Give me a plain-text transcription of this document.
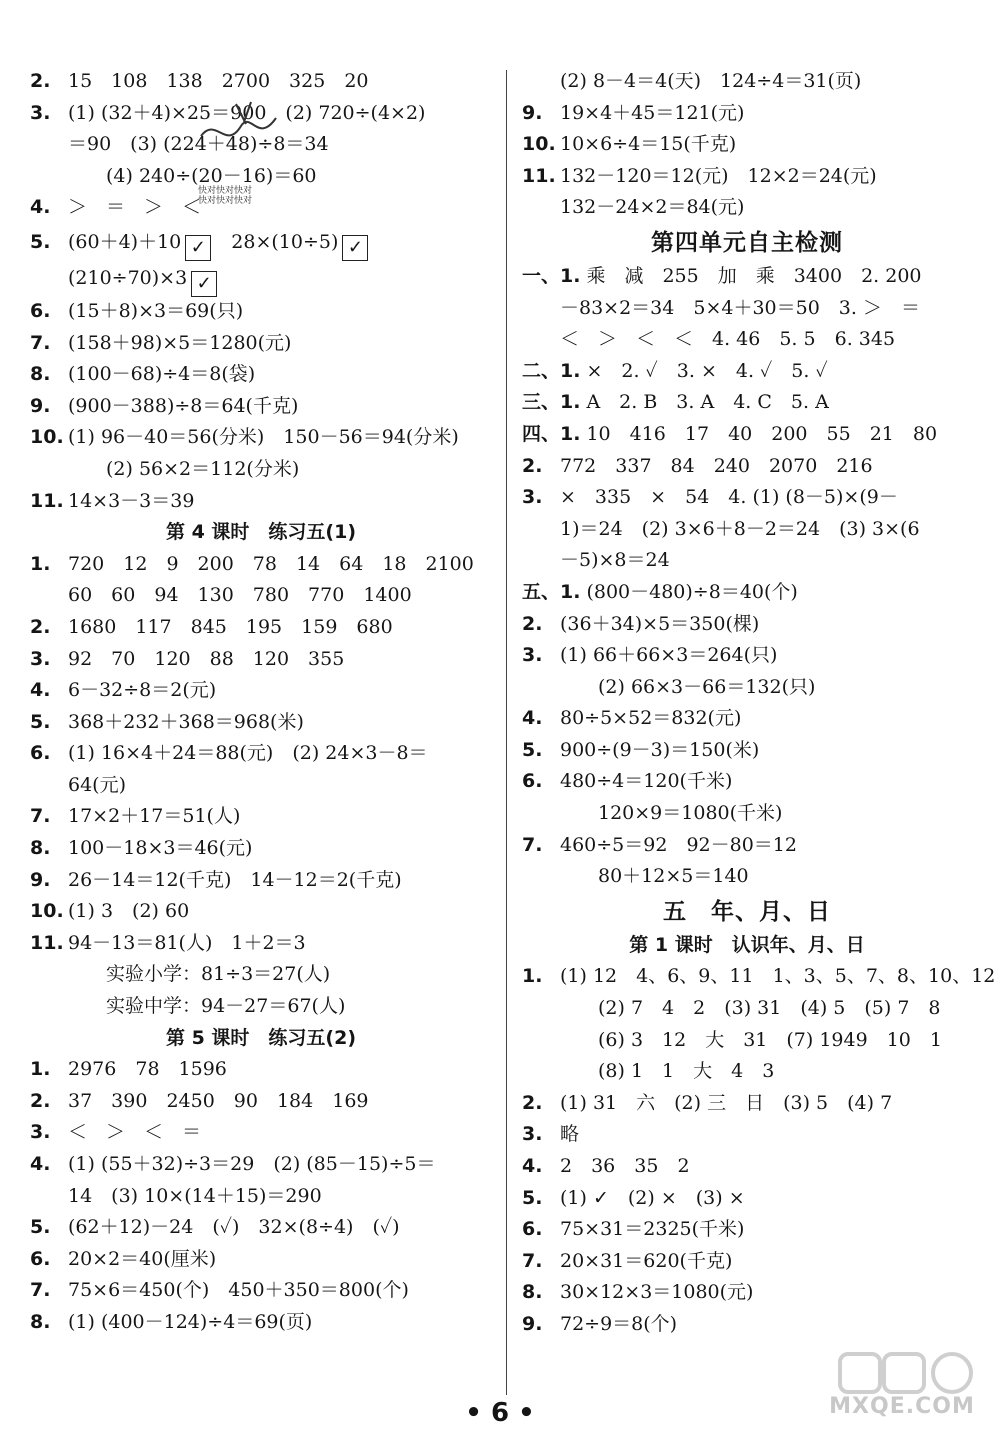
2. 15　108　138　2700　325　20
3. (1) (32＋4)×25＝900　(2) 720÷(4×2)
＝90　(3) (224＋48)÷8＝34
(4) 240÷(20－16)＝60
4. ＞　＝　＞　＜
5. (60＋4)＋10 ✓ 28×(10÷5) ✓
(210÷70)×3 ✓
6. (15＋8)×3＝69(只)
7. (158＋98)×5＝1280(元)
8. (100－68)÷4＝8(袋)
9. (900－388)÷8＝64(千克)
10. (1) 96－40＝56(分米)　150－56＝94(分米)
(2) 56×2＝112(分米)
11. 14×3－3＝39
第 4 课时　练习五(1)
1. 720　12　9　200　78　14　64　18　2100
60　60　94　130　780　770　1400
2. 1680　117　845　195　159　680
3. 92　70　120　88　120　355
4. 6－32÷8＝2(元)
5. 368＋232＋368＝968(米)
6. (1) 16×4＋24＝88(元)　(2) 24×3－8＝
64(元)
7. 17×2＋17＝51(人)
8. 100－18×3＝46(元)
9. 26－14＝12(千克)　14－12＝2(千克)
10. (1) 3　(2) 60
11. 94－13＝81(人)　1＋2＝3
实验小学：81÷3＝27(人)
实验中学：94－27＝67(人)
第 5 课时　练习五(2)
1. 2976　78　1596
2. 37　390　2450　90　184　169
3. ＜　＞　＜　＝
4. (1) (55＋32)÷3＝29　(2) (85－15)÷5＝
14　(3) 10×(14＋15)＝290
5. (62＋12)－24　(✓)　32×(8÷4)　(✓)
6. 20×2＝40(厘米)
7. 75×6＝450(个)　450＋350＝800(个)
8. (1) (400－124)÷4＝69(页)
(2) 8－4＝4(天)　124÷4＝31(页)
9. 19×4＋45＝121(元)
10. 10×6÷4＝15(千克)
11. 132－120＝12(元)　12×2＝24(元)
132－24×2＝84(元)
第四单元自主检测
一、1. 乘　减　255　加　乘　3400　2. 200
－83×2＝34　5×4＋30＝50　3. ＞　＝
＜　＞　＜　＜　4. 46　5. 5　6. 345
二、1. ×　2. ✓　3. ×　4. ✓　5. ✓
三、1. A　2. B　3. A　4. C　5. A
四、1. 10　416　17　40　200　55　21　80
2. 772　337　84　240　2070　216
3. ×　335　×　54　4. (1) (8－5)×(9－
1)＝24　(2) 3×6＋8－2＝24　(3) 3×(6
－5)×8＝24
五、1. (800－480)÷8＝40(个)
2. (36＋34)×5＝350(棵)
3. (1) 66＋66×3＝264(只)
(2) 66×3－66＝132(只)
4. 80÷5×52＝832(元)
5. 900÷(9－3)＝150(米)
6. 480÷4＝120(千米)
120×9＝1080(千米)
7. 460÷5＝92　92－80＝12
80＋12×5＝140
五　年、月、日
第 1 课时　认识年、月、日
1. (1) 12　4、6、9、11　1、3、5、7、8、10、12
(2) 7　4　2　(3) 31　(4) 5　(5) 7　8
(6) 3　12　大　31　(7) 1949　10　1
(8) 1　1　大　4　3
2. (1) 31　六　(2) 三　日　(3) 5　(4) 7
3. 略
4. 2　36　35　2
5. (1) ✓　(2) ×　(3) ×
6. 75×31＝2325(千米)
7. 20×31＝620(千克)
8. 30×12×3＝1080(元)
9. 72÷9＝8(个)
快对快对快对
快对快对快对
• 6 •	MXQE.COM
